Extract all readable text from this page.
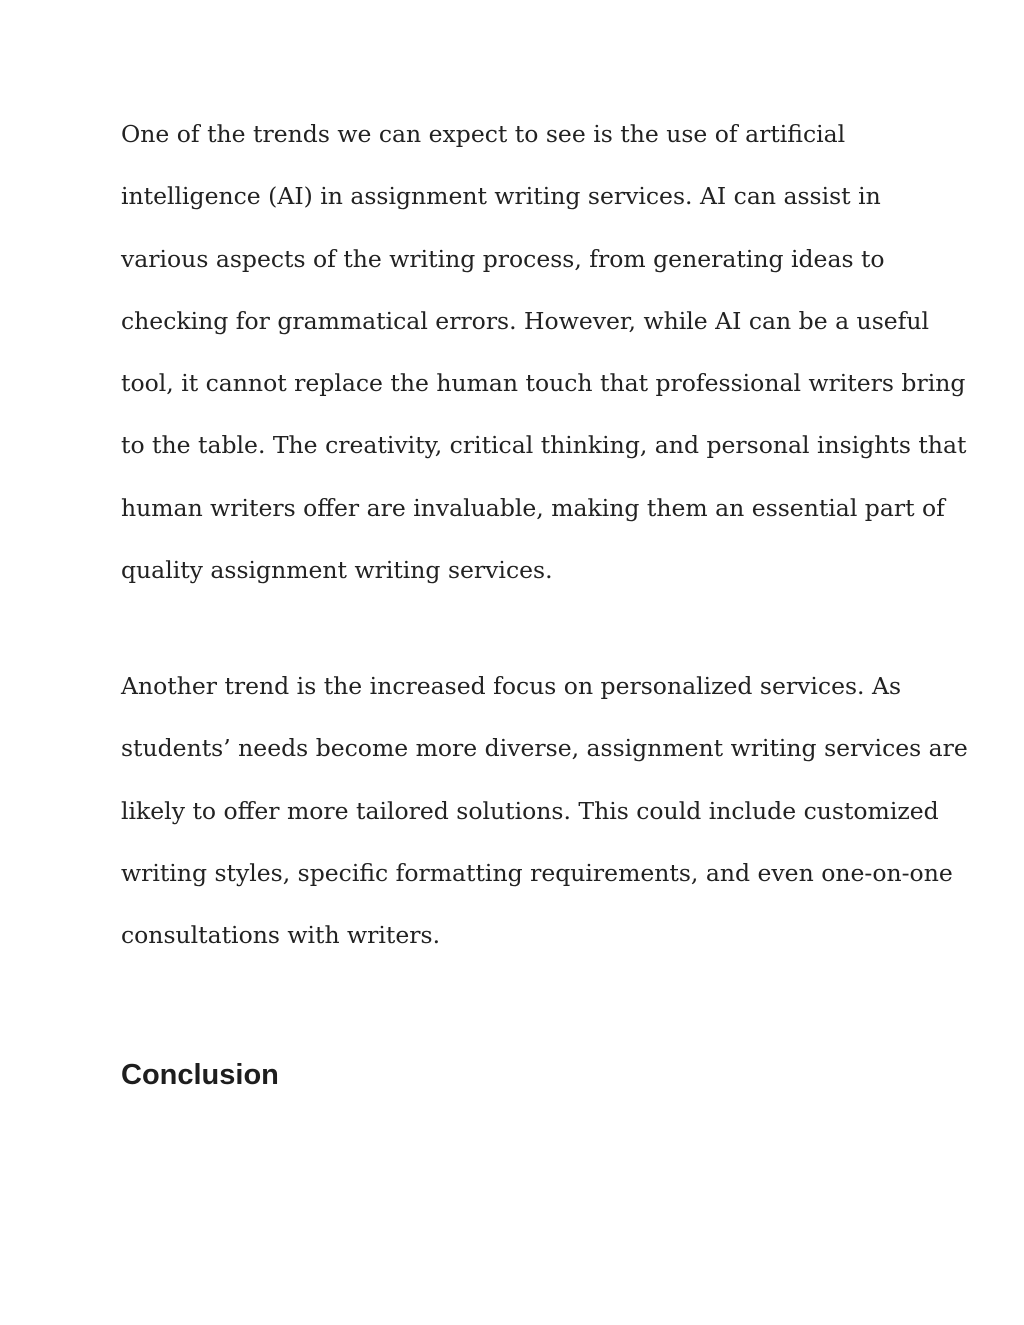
One of the trends we can expect to see is the use of artificial
intelligence (AI) in assignment writing services. AI can assist in
various aspects of the writing process, from generating ideas to
checking for grammatical errors. However, while AI can be a useful
tool, it cannot replace the human touch that professional writers bring
to the table. The creativity, critical thinking, and personal insights that
human writers offer are invaluable, making them an essential part of
quality assignment writing services.
Another trend is the increased focus on personalized services. As
students’ needs become more diverse, assignment writing services are
likely to offer more tailored solutions. This could include customized
writing styles, specific formatting requirements, and even one-on-one
consultations with writers.
Conclusion
